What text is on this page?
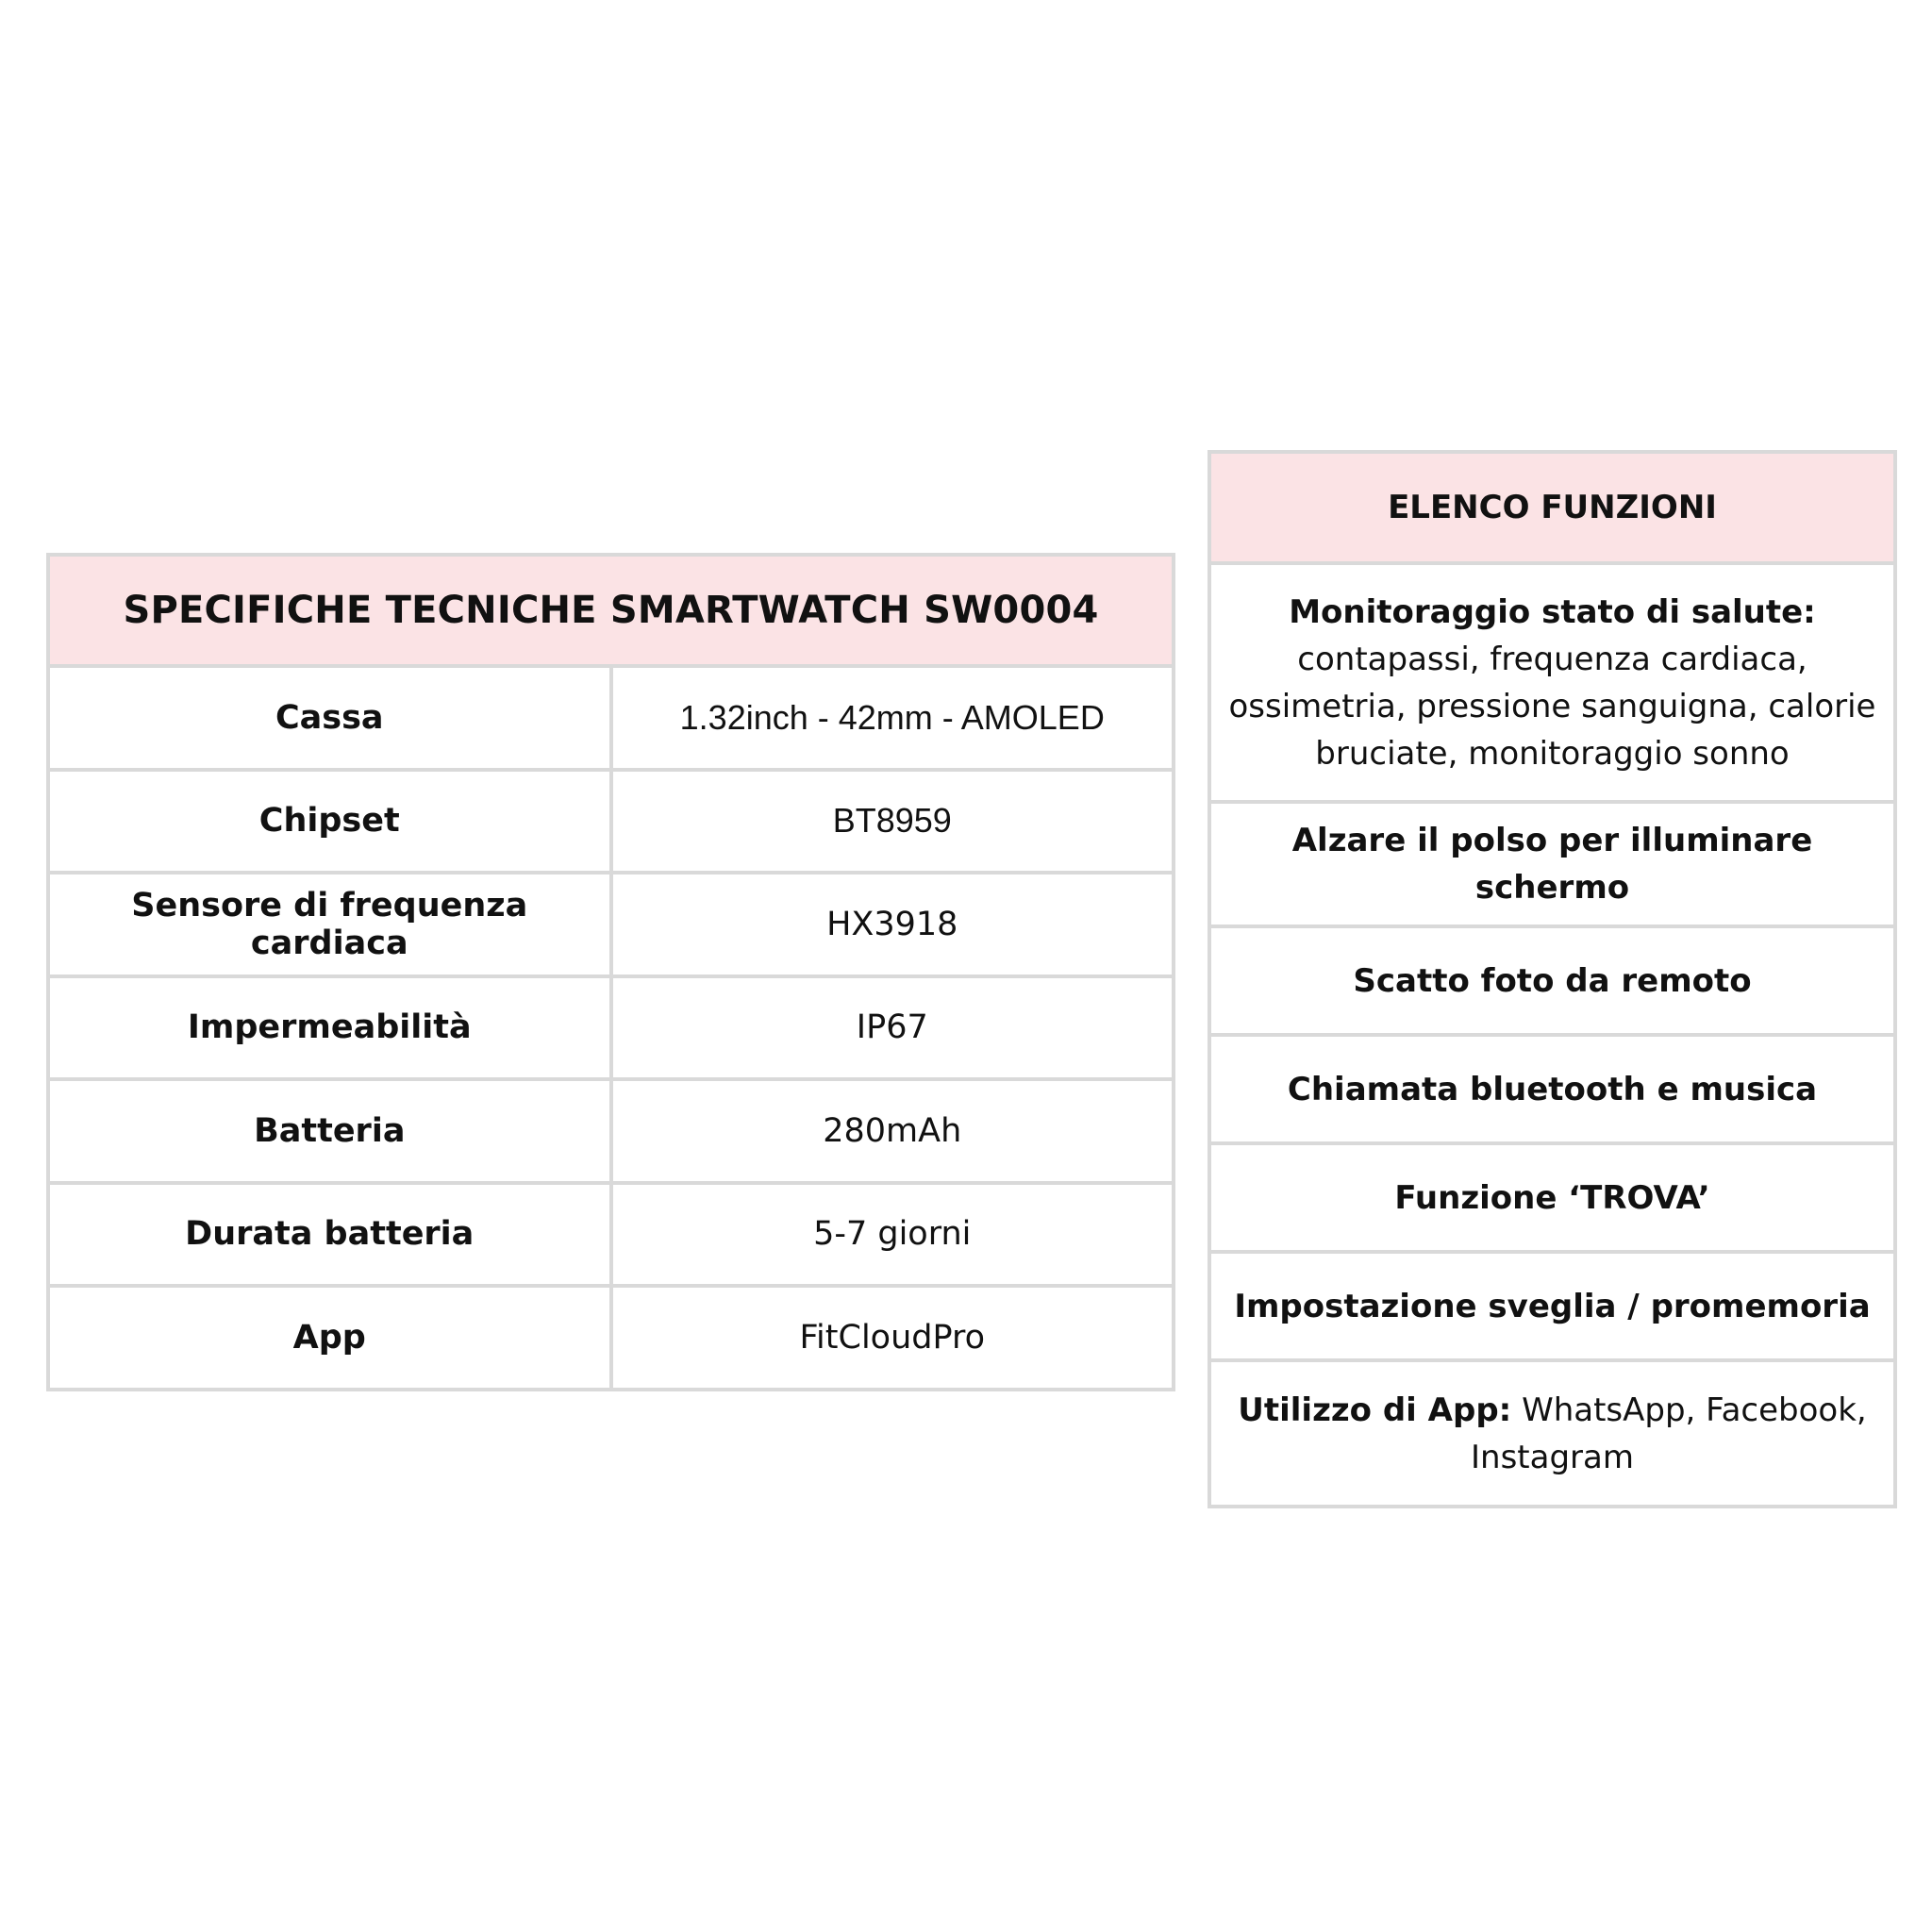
SPECIFICHE TECNICHE SMARTWATCH SW0004	
Cassa	1.32inch - 42mm - AMOLED
Chipset	BT8959
Sensore di frequenza cardiaca	HX3918
Impermeabilità	IP67
Batteria	280mAh
Durata batteria	5-7 giorni
App	FitCloudPro
ELENCO FUNZIONI
Monitoraggio stato di salute:
contapassi, frequenza cardiaca, ossimetria, pressione sanguigna, calorie bruciate, monitoraggio sonno
Alzare il polso per illuminare schermo
Scatto foto da remoto
Chiamata bluetooth e musica
Funzione ‘TROVA’
Impostazione sveglia / promemoria
Utilizzo di App: WhatsApp, Facebook, Instagram
